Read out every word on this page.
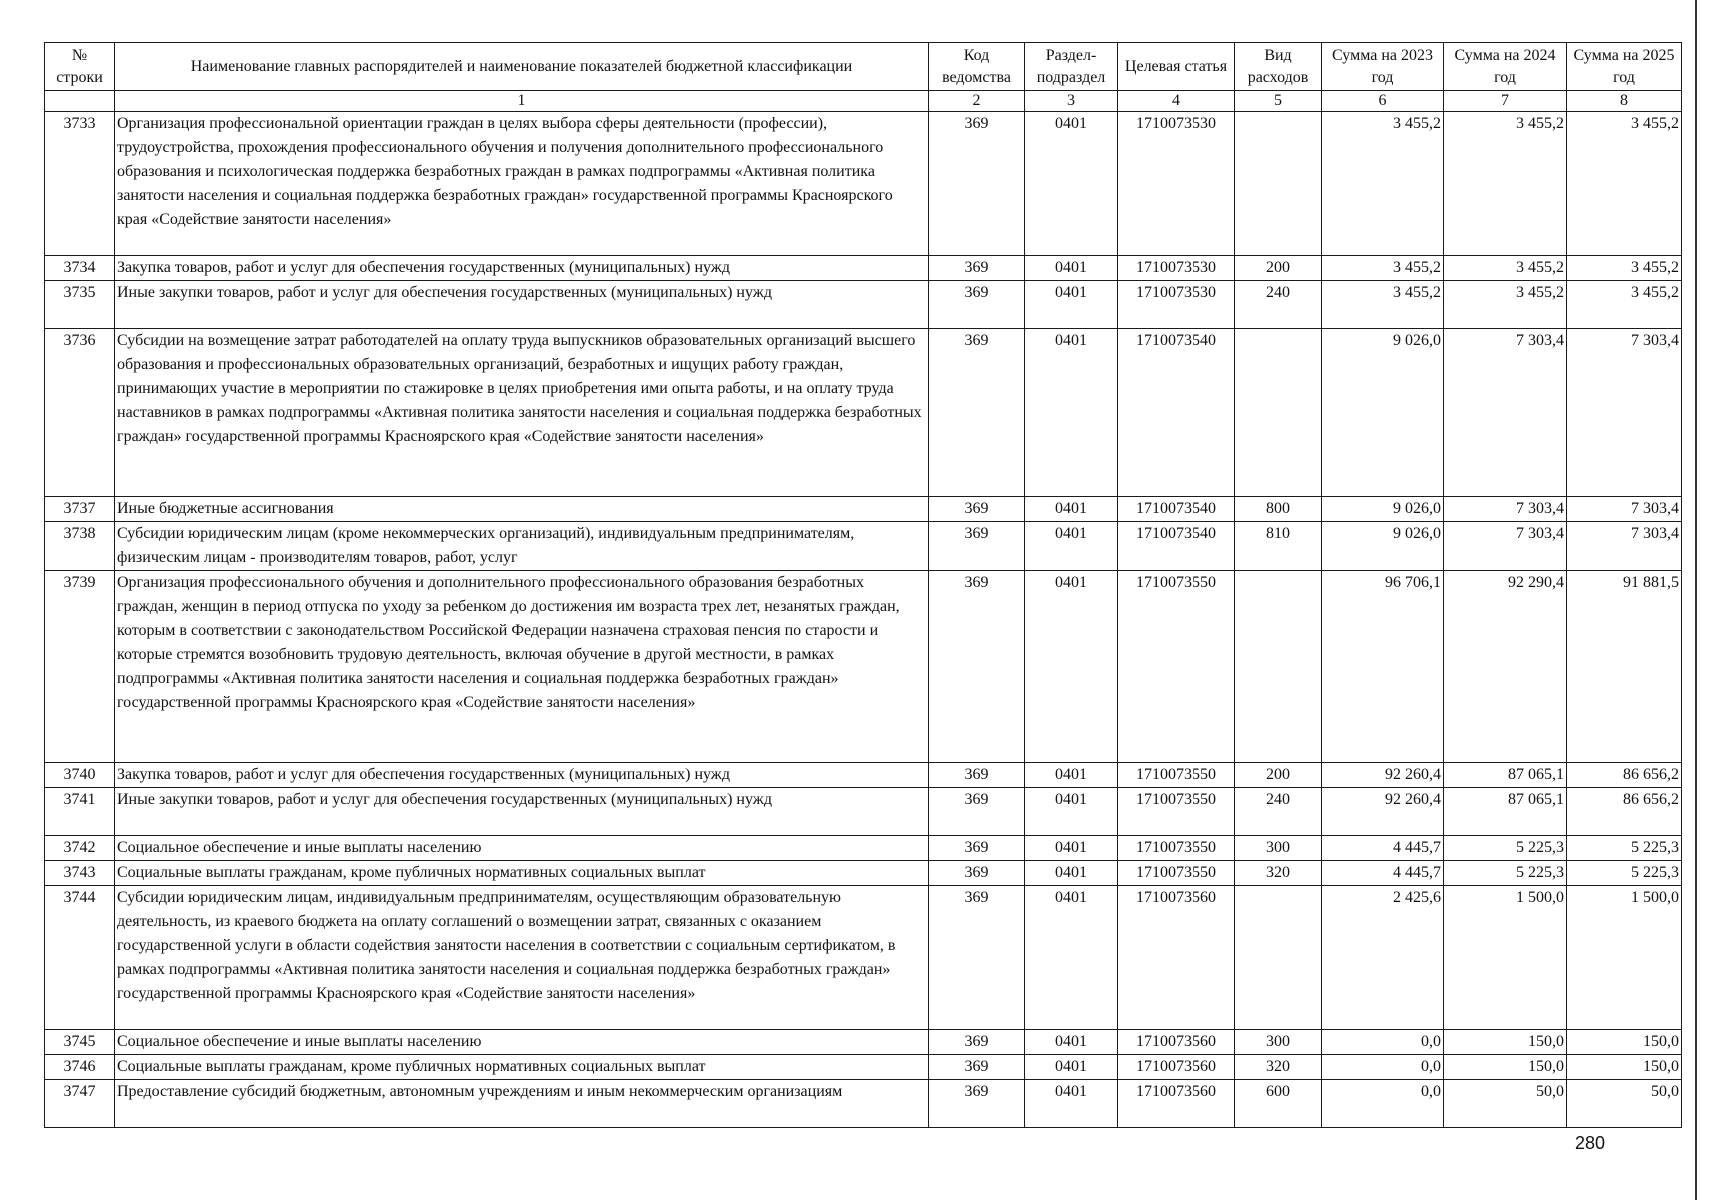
№ строки	Наименование главных распорядителей и наименование показателей бюджетной классификации	Код ведомства	Раздел-подраздел	Целевая статья	Вид расходов	Сумма на 2023 год	Сумма на 2024 год	Сумма на 2025 год
	1	2	3	4	5	6	7	8
3733	Организация профессиональной ориентации граждан в целях выбора сферы деятельности (профессии), трудоустройства, прохождения профессионального обучения и получения дополнительного профессионального образования и психологическая поддержка безработных граждан в рамках подпрограммы «Активная политика занятости населения и социальная поддержка безработных граждан» государственной программы Красноярского края «Содействие занятости населения»	369	0401	1710073530		3 455,2	3 455,2	3 455,2
3734	Закупка товаров, работ и услуг для обеспечения государственных (муниципальных) нужд	369	0401	1710073530	200	3 455,2	3 455,2	3 455,2
3735	Иные закупки товаров, работ и услуг для обеспечения государственных (муниципальных) нужд	369	0401	1710073530	240	3 455,2	3 455,2	3 455,2
3736	Субсидии на возмещение затрат работодателей на оплату труда выпускников образовательных организаций высшего образования и профессиональных образовательных организаций, безработных и ищущих работу граждан, принимающих участие в мероприятии по стажировке в целях приобретения ими опыта работы, и на оплату труда наставников в рамках подпрограммы «Активная политика занятости населения и социальная поддержка безработных граждан» государственной программы Красноярского края «Содействие занятости населения»	369	0401	1710073540		9 026,0	7 303,4	7 303,4
3737	Иные бюджетные ассигнования	369	0401	1710073540	800	9 026,0	7 303,4	7 303,4
3738	Субсидии юридическим лицам (кроме некоммерческих организаций), индивидуальным предпринимателям, физическим лицам - производителям товаров, работ, услуг	369	0401	1710073540	810	9 026,0	7 303,4	7 303,4
3739	Организация профессионального обучения и дополнительного профессионального образования безработных граждан, женщин в период отпуска по уходу за ребенком до достижения им возраста трех лет, незанятых граждан, которым в соответствии с законодательством Российской Федерации назначена страховая пенсия по старости и которые стремятся возобновить трудовую деятельность, включая обучение в другой местности, в рамках подпрограммы «Активная политика занятости населения и социальная поддержка безработных граждан» государственной программы Красноярского края «Содействие занятости населения»	369	0401	1710073550		96 706,1	92 290,4	91 881,5
3740	Закупка товаров, работ и услуг для обеспечения государственных (муниципальных) нужд	369	0401	1710073550	200	92 260,4	87 065,1	86 656,2
3741	Иные закупки товаров, работ и услуг для обеспечения государственных (муниципальных) нужд	369	0401	1710073550	240	92 260,4	87 065,1	86 656,2
3742	Социальное обеспечение и иные выплаты населению	369	0401	1710073550	300	4 445,7	5 225,3	5 225,3
3743	Социальные выплаты гражданам, кроме публичных нормативных социальных выплат	369	0401	1710073550	320	4 445,7	5 225,3	5 225,3
3744	Субсидии юридическим лицам, индивидуальным предпринимателям, осуществляющим образовательную деятельность, из краевого бюджета на оплату соглашений о возмещении затрат, связанных с оказанием государственной услуги в области содействия занятости населения в соответствии с социальным сертификатом, в рамках подпрограммы «Активная политика занятости населения и социальная поддержка безработных граждан» государственной программы Красноярского края «Содействие занятости населения»	369	0401	1710073560		2 425,6	1 500,0	1 500,0
3745	Социальное обеспечение и иные выплаты населению	369	0401	1710073560	300	0,0	150,0	150,0
3746	Социальные выплаты гражданам, кроме публичных нормативных социальных выплат	369	0401	1710073560	320	0,0	150,0	150,0
3747	Предоставление субсидий бюджетным, автономным учреждениям и иным некоммерческим организациям	369	0401	1710073560	600	0,0	50,0	50,0
280
